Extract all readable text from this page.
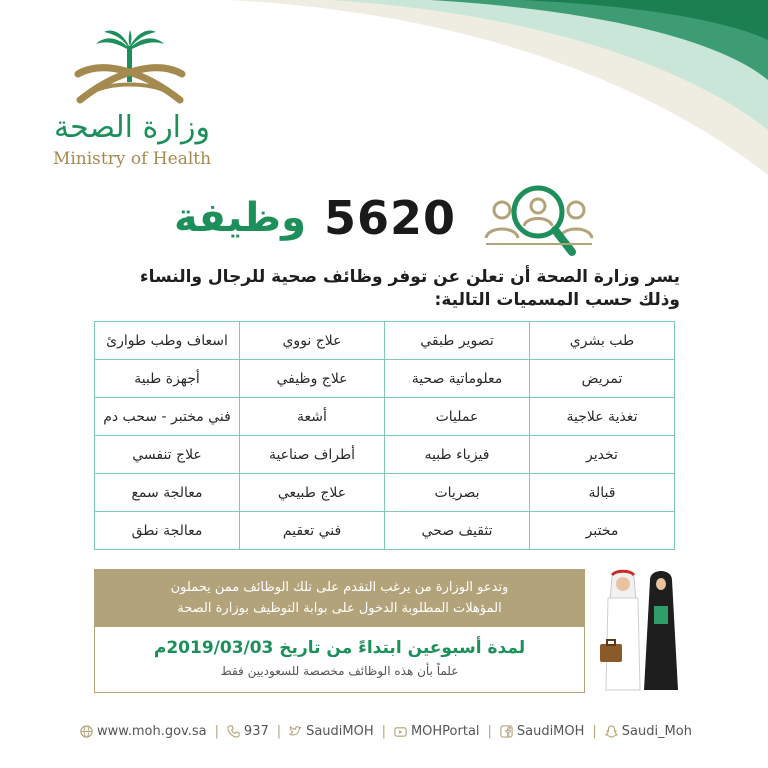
وزارة الصحة
Ministry of Health
وظيفة 5620
يسر وزارة الصحة أن تعلن عن توفر وظائف صحية للرجال والنساء
وذلك حسب المسميات التالية:
طب بشري	تصوير طبقي	علاج نووي	اسعاف وطب طوارئ
تمريض	معلوماتية صحية	علاج وظيفي	أجهزة طبية
تغذية علاجية	عمليات	أشعة	فني مختبر - سحب دم
تخدير	فيزياء طبيه	أطراف صناعية	علاج تنفسي
قبالة	بصريات	علاج طبيعي	معالجة سمع
مختبر	تثقيف صحي	فني تعقيم	معالجة نطق
وتدعو الوزارة من يرغب التقدم على تلك الوظائف ممن يحملون
المؤهلات المطلوبة الدخول على بوابة التوظيف بوزارة الصحة
لمدة أسبوعين ابتداءً من تاريخ 2019/03/03م
علماً بأن هذه الوظائف مخصصة للسعوديين فقط
www.moh.gov.sa | 937 | SaudiMOH | MOHPortal | SaudiMOH | Saudi_Moh
